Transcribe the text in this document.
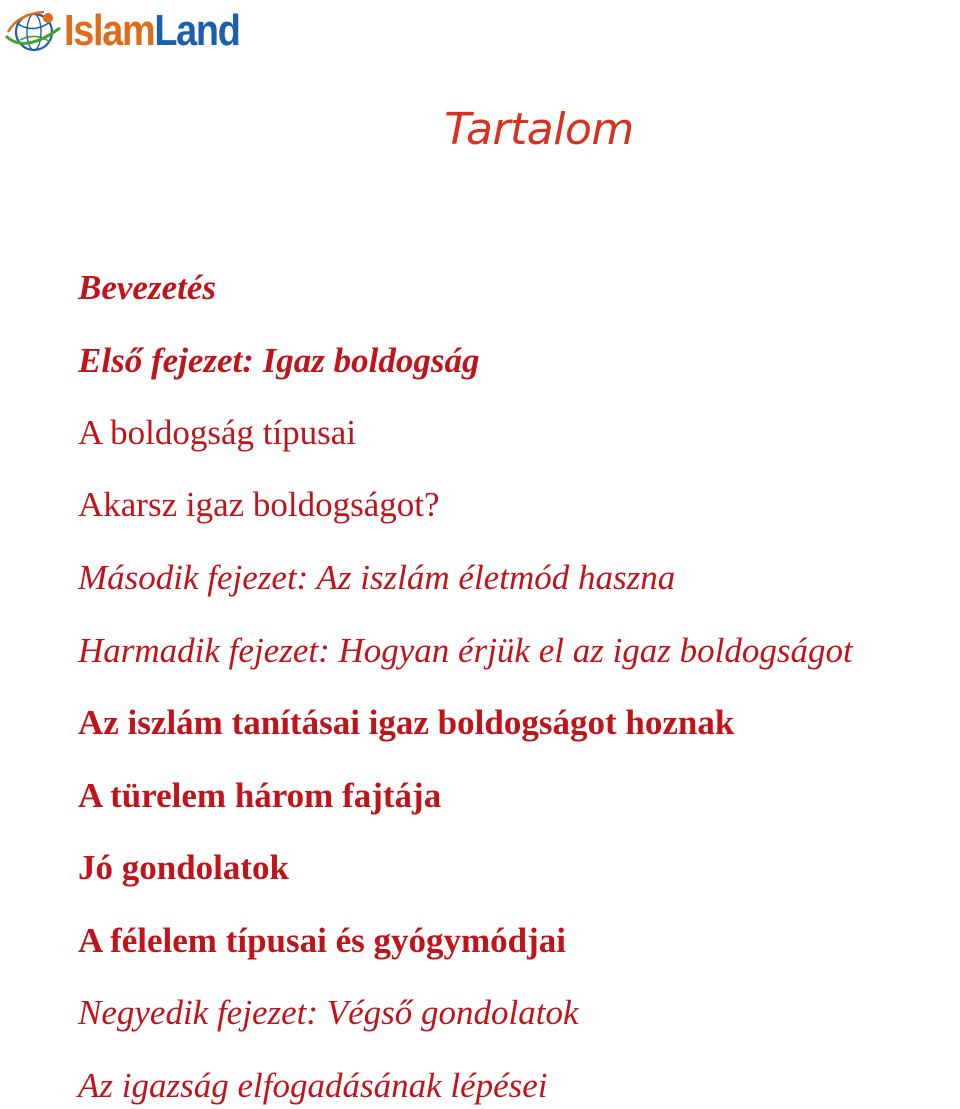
IslamLand
Tartalom
Bevezetés
Első fejezet: Igaz boldogság
A boldogság típusai
Akarsz igaz boldogságot?
Második fejezet: Az iszlám életmód haszna
Harmadik fejezet: Hogyan érjük el az igaz boldogságot
Az iszlám tanításai igaz boldogságot hoznak
A türelem három fajtája
Jó gondolatok
A félelem típusai és gyógymódjai
Negyedik fejezet: Végső gondolatok
Az igazság elfogadásának lépései
